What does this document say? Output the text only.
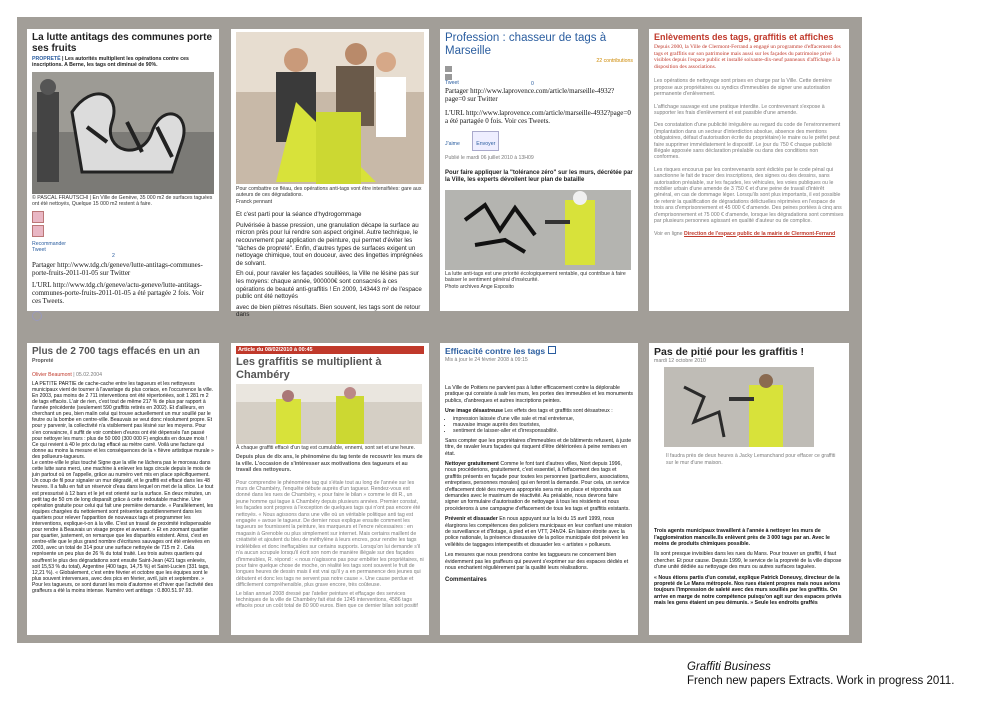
La lutte antitags des communes porte ses fruits
PROPRETÉ | Les autorités multiplient les opérations contre ces inscriptions. A Berne, les tags ont diminué de 90%.
© PASCAL FRAUTSCHI | En Ville de Genève, 35 000 m2 de surfaces taguées ont été nettoyés, Quelque 15 000 m2 restent à faire.
Recommander
Tweet
2
Partager http://www.tdg.ch/geneve/lutte-antitags-communes-porte-fruits-2011-01-05 sur Twitter
L'URL http://www.tdg.ch/geneve/actu-geneve/lutte-antitags-communes-porte-fruits-2011-01-05 a été partagée 2 fois. Voir ces Tweets.
Pour combattre ce fléau, des opérations anti-tags vont être intensifiées: gare aux auteurs de ces dégradations.
Franck pennant

Et c'est parti pour la séance d'hydrogommage

Pulvérisée à basse pression, une granulation décape la surface au micron près pour lui rendre son aspect originel. Autre technique, le recouvrement par application de peinture, qui permet d'éviter les "tâches de propreté". Enfin, d'autres types de surfaces exigent un nettoyage chimique, tout en douceur, avec des lingettes imprégnées de solvant.

Eh oui, pour ravaler les façades souillées, la Ville ne lésine pas sur les moyens: chaque année, 900000€ sont consacrés à ces opérations de beauté anti-graffitis ! En 2009, 143443 m² de l'espace public ont été nettoyés

avec de bien piètres résultats. Bien souvent, les tags sont de retour dans

Profession : chasseur de tags à Marseille
22 contributions
Tweet	0
Partager http://www.laprovence.com/article/marseille-4932?page=0 sur Twitter
L'URL http://www.laprovence.com/article/marseille-4932?page=0 a été partagée 0 fois. Voir ces Tweets.
J'aime	Envoyer
Publié le mardi 06 juillet 2010 à 13H09
Pour faire appliquer la "tolérance zéro" sur les murs, décrétée par la Ville, les experts dévoilent leur plan de bataille
La lutte anti-tags est une priorité écologiquement rentable, qui contribue à faire baisser le sentiment général d'insécurité.
Photo archives Ange Esposito
Enlèvements des tags, graffitis et affiches
Depuis 2000, la Ville de Clermont-Ferrand a engagé un programme d'effacement des tags et graffitis sur son patrimoine mais aussi sur les façades du patrimoine privé visibles depuis l'espace public et installé soixante-dix-neuf panneaux d'affichage à la disposition des associations.
Les opérations de nettoyage sont prises en charge par la Ville. Cette dernière propose aux propriétaires ou syndics d'immeubles de signer une autorisation permanente d'enlèvement.
L'affichage sauvage est une pratique interdite. Le contrevenant s'expose à supporter les frais d'enlèvement et est passible d'une amende.
Des constatation d'une publicité irrégulière au regard du code de l'environnement (implantation dans un secteur d'interdiction absolue, absence des mentions obligatoires, défaut d'autorisation écrite du propriétaire) le maire ou le préfet peut faire supprimer immédiatement le dispositif. Le jour du 750 € chaque publicité illégale apposée sans déclaration préalable ou dans des conditions non conformes.
Les risques encourus par les contrevenants sont édictés par le code pénal qui sanctionne le fait de tracer des inscriptions, des signes ou des dessins, sans autorisation préalable, sur les façades, les véhicules, les voies publiques ou le mobilier urbain d'une amende de 3 750 € et d'une peine de travail d'intérêt général, en cas de dommage léger. Lorsqu'ils sont plus importants, il est possible de retenir la qualification de dégradations délictuelles réprimées en l'espace de trois ans d'emprisonnement et 45 000 € d'amende. Des peines portées à cinq ans d'emprisonnement et 75 000 € d'amende, lorsque les dégradations sont commises par plusieurs personnes agissant en qualité d'auteur ou de complice.
Voir en ligne Direction de l'espace public de la mairie de Clermont-Ferrand
Plus de 2 700 tags effacés en un an
Propreté
Olivier Beaumont | 05.02.2004
LA PETITE PARTIE de cache-cache entre les tagueurs et les nettoyeurs municipaux vient de tourner à l'avantage du plus coriace, en l'occurrence la ville. En 2003, pas moins de 2 711 interventions ont été répertoriées, soit 1 281 m 2 de tags effacés. L'air de rien, c'est tout de même 217 % de plus par rapport à l'année précédente (seulement 590 graffitis retirés en 2002). Et d'ailleurs, en cherchant un peu, bien malin celui qui trouve actuellement un mur souillé par le feutre ou la bombe en centre-ville. Beauvais se veut donc résolument propre. Et pour y parvenir, la collectivité n'a visiblement pas lésiné sur les moyens. Pour s'en convaincre, il suffit de voir combien d'euros ont été dépensés l'an passé pour nettoyer les murs : plus de 50 000 (300 000 F) engloutis en douze mois ! Ce qui revient à 40 le prix du tag effacé au mètre carré. Voilà une facture qui donne au moins la mesure et les conséquences de la « fièvre artistique murale » des pollueurs-tagueurs.
Le centre-ville le plus touché Signe que la ville ne lâchera pas le morceau dans cette lutte sans merci, une machine à enlever les tags circule depuis le mois de juin partout où on l'appelle, grâce au numéro vert mis en place spécifiquement. Un coup de fil pour signaler un mur dégradé, et le graffiti est effacé dans les 48 heures. Il a fallu en fait un réservoir d'eau dans lequel on met de la silice. Le tout est pressurisé à 12 bars et le jet est orienté sur la surface. En deux minutes, un petit tag de 50 cm de long disparaît grâce à cette redoutable machine. Une opération gratuite pour celui qui fait une première demande. « Parallèlement, les équipes chargées du nettoiement sont présentes quotidiennement dans les quartiers pour relever l'apparition de nouveaux tags et programmer les interventions, explique-t-on à la ville. C'est un travail de proximité indispensable pour rendre à Beauvais un visage propre et avenant. » Et en zoomant quartier par quartier, justement, on remarque que les disparités existent. Ainsi, c'est en centre-ville que le plus grand nombre d'écritures sauvages ont été enlevées en 2003, avec un total de 314 pour une surface nettoyée de 715 m 2 . Cela représente un peu plus de 26 % du total traité. Les trois autres quartiers qui souffrent le plus des dégradations sont ensuite Saint-Jean (421 tags enlevés, soit 15,53 % du total), Argentine (400 tags, 14,75 %) et Saint-Lucien (331 tags, 12,21 %). « Globalement, c'est entre février et octobre que les équipes sont le plus souvent intervenues, avec des pics en février, avril, juin et septembre. » Pour les tagueurs, ce sont durant les mois d'automne et d'hiver que l'activité des graffeurs a été la moins intense. Numéro vert antitags : 0.800.51.97.93.
Article du 08/02/2010 à 00:45
Les graffitis se multiplient à Chambéry
À chaque graffiti effacé d'un tag est cumulable, ennemi, sont set et une heure.
Depuis plus de dix ans, le phénomène du tag tente de recouvrir les murs de la ville. L'occasion de s'intéresser aux motivations des tagueurs et au travail des nettoyeurs.
Pour comprendre le phénomène tag qui s'étale tout au long de l'année sur les murs de Chambéry, l'enquête débute auprès d'un tagueur. Rendez-vous est donné dans les rues de Chambéry, « pour faire le bilan » comme le dit R., un jeune homme qui tague à Chambéry depuis plusieurs années. Premier constat, les façades sont propres à l'exception de quelques tags qui n'ont pas encore été nettoyés. « Nous agissons dans une ville où un véritable politique anti tag est engagée » avoue le tagueur. De dernier nous explique ensuite comment les tagueurs se fournissent la peinture, les marqueurs et l'encre nécessaires : en magasin à Grenoble ou plus simplement sur internet. Mais certains maillent de créativité et ajoutent du bleu de méthylène à leurs encres, pour rendre les tags indélébiles et donc ineffaçables sur certains supports. Lorsqu'on lui demande s'il n'a aucun scrupule lorsqu'il écrit son nom de manière illégale sur des façades d'immeubles, R. répond : « nous n'agissons pas pour embêter les propriétaires, ni pour faire quelque chose de moche, on réalité les tags sont souvent le fruit de longues heures de dessin mais il est vrai qu'il y a en permanence des jeunes qui débutent et donc les tags ne servent pas notre cause ». Une cause perdue et difficilement compréhensible, plus grave encore, très coûteuse.
Le bilan annuel 2008 dressé par l'atelier peinture et effaçage des services techniques de la ville de Chambéry fait état de 1245 interventions, 4586 tags effacés pour un coût total de 80 900 euros. Bien que ce dernier bilan soit positif
Efficacité contre les tags
Mis à jour le 24 février 2008 à 09:15
La Ville de Poitiers ne parvient pas à lutter efficacement contre la déplorable pratique qui consiste à salir les murs, les portes des immeubles et les monuments publics, d'anbreques et autres inscriptions peintes.
Une image désastreuse Les effets des tags et graffitis sont désastreux :
• impression laissée d'une ville sale et mal entretenue,
• mauvaise image auprès des touristes,
• sentiment de laisser-aller et d'irresponsabilité.
Sans compter que les propriétaires d'immeubles et de bâtiments refusent, à juste titre, de ravaler leurs façades qui risquent d'être détériorées à peine remises en état.
Nettoyer gratuitement Comme le font tant d'autres villes, Niort depuis 1996, nous procéderions, gratuitement, c'est essentiel, à l'effacement des tags et graffitis présents en façade pour toutes les personnes (particuliers, associations, entreprises, personnes morales) qui en feront la demande. Pour cela, un service d'effacement doté des moyens appropriés sera mis en place et répondra aux demandes avec le maximum de réactivité. Au préalable, nous devrons faire signer un formulaire d'autorisation de nettoyage à tous les résidents et nous procéderons à une campagne d'effacement de tous les tags et graffitis existants.
Prévenir et dissuader En nous appuyant sur la loi du 15 avril 1999, nous élargirons les compétences des policiers municipaux en leur confiant une mission de surveillance et d'îlotage, à pied et en VTT, 24h/24. En liaison étroite avec la police nationale, la présence dissuasive de la police municipale doit prévenir les velléités de taggages intempestifs et dissuader les « artistes » pollueurs.
Les mesures que nous prendrons contre les taggueurs ne concernent bien évidemment pas les graffeurs qui peuvent s'exprimer sur des espaces dédiés et nous encharient régulièrement par la qualité leurs réalisations.
Commentaires
Pas de pitié pour les graffitis !
mardi 12 octobre 2010
Il faudra près de deux heures à Jacky Lemanchand pour effacer ce graffiti sur le mur d'une maison.
Trois agents municipaux travaillent à l'année à nettoyer les murs de l'agglomération mancelle.Ils enlèvent près de 3 000 tags par an. Avec le moins de produits chimiques possible.
Ils sont presque invisibles dans les rues du Mans. Pour trouver un graffiti, il faut chercher. Et pour cause. Depuis 1999, le service de la propreté de la ville dispose d'une unité dédiée au nettoyage des murs ou autres surfaces taguées.
« Nous étions partis d'un constat, explique Patrick Doneuvy, directeur de la propreté de Le Mans métropole. Nos rues étaient propres mais nous avions toujours l'impression de saleté avec des murs souillés par les graffitis. On arrive en marge de notre compétence puisqu'on agit sur des espaces privés mais les gens étaient un peu démunis. » Seule les endroits graffés
Graffiti Business
French new papers Extracts. Work in progress 2011.
